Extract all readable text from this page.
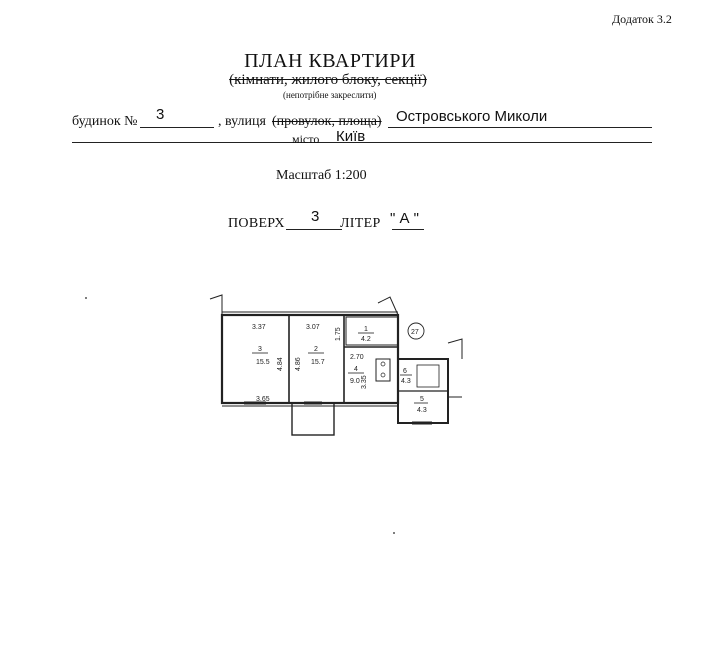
Додаток 3.2
ПЛАН КВАРТИРИ
(кімнати, жилого блоку, секції)
(непотрібне закреслити)
будинок № 3	, вулиця (провулок, площа) Островського Миколи
місто Київ
Масштаб 1:200
ПОВЕРХ 3 ЛІТЕР " А "
3.37	3.07
4.84 4.86	2.70
3.35
1.75
3.65
3
15.5
2
15.7
4
9.0
1
4.2
6
4.3
5
4.3
27
